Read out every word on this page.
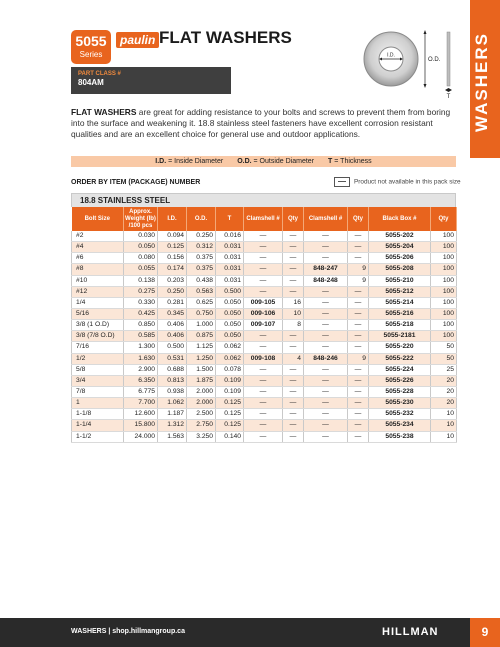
5055
Series
paulin FLAT WASHERS
I.D.
O.D.
T WASHERS
PART CLASS #
804AM
FLAT WASHERS are great for adding resistance to your bolts and screws to prevent them from boring into the surface and weakening it. 18.8 stainless steel fasteners have excellent corrosion resistant qualities and are an excellent choice for general use and outdoor applications.
I.D. = Inside Diameter O.D. = Outside Diameter T = Thickness
ORDER BY ITEM (PACKAGE) NUMBER	Product not available in this pack size
18.8 STAINLESS STEEL
Bolt Size	Approx. Weight (lb) /100 pcs	I.D.	O.D.	T	Clamshell #	Qty	Clamshell #	Qty	Black Box #	Qty
#2	0.030	0.094	0.250	0.016	—	—	—	—	5055-202	100
#4	0.050	0.125	0.312	0.031	—	—	—	—	5055-204	100
#6	0.080	0.156	0.375	0.031	—	—	—	—	5055-206	100
#8	0.055	0.174	0.375	0.031	—	—	848-247	9	5055-208	100
#10	0.138	0.203	0.438	0.031	—	—	848-248	9	5055-210	100
#12	0.275	0.250	0.563	0.500	—	—	—	—	5055-212	100
1/4	0.330	0.281	0.625	0.050	009-105	16	—	—	5055-214	100
5/16	0.425	0.345	0.750	0.050	009-106	10	—	—	5055-216	100
3/8 (1 O.D)	0.850	0.406	1.000	0.050	009-107	8	—	—	5055-218	100
3/8 (7/8 O.D)	0.585	0.406	0.875	0.050	—	—	—	—	5055-2181	100
7/16	1.300	0.500	1.125	0.062	—	—	—	—	5055-220	50
1/2	1.630	0.531	1.250	0.062	009-108	4	848-246	9	5055-222	50
5/8	2.900	0.688	1.500	0.078	—	—	—	—	5055-224	25
3/4	6.350	0.813	1.875	0.109	—	—	—	—	5055-226	20
7/8	6.775	0.938	2.000	0.109	—	—	—	—	5055-228	20
1	7.700	1.062	2.000	0.125	—	—	—	—	5055-230	20
1-1/8	12.600	1.187	2.500	0.125	—	—	—	—	5055-232	10
1-1/4	15.800	1.312	2.750	0.125	—	—	—	—	5055-234	10
1-1/2	24.000	1.563	3.250	0.140	—	—	—	—	5055-238	10
WASHERS | shop.hillmangroup.ca	HILLMAN	9
